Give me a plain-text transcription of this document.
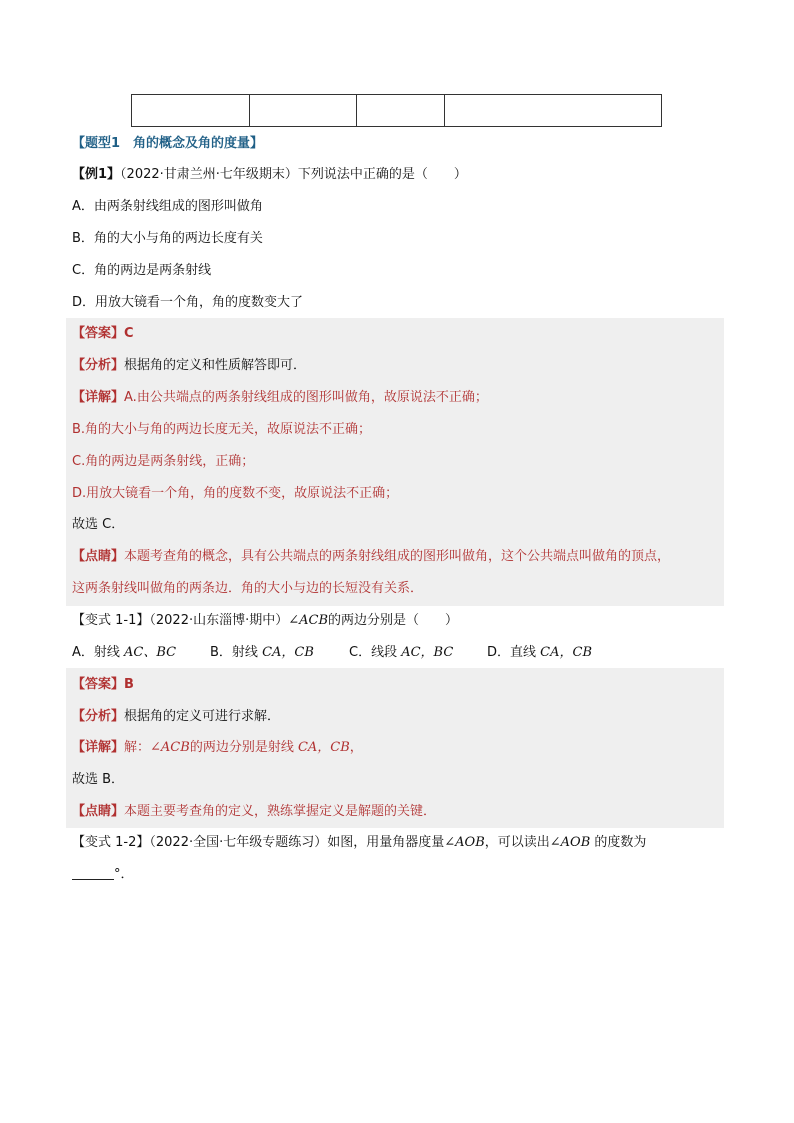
【题型1　角的概念及角的度量】
【例1】（2022·甘肃兰州·七年级期末）下列说法中正确的是（　　）
A．由两条射线组成的图形叫做角
B．角的大小与角的两边长度有关
C．角的两边是两条射线
D．用放大镜看一个角，角的度数变大了
【答案】C
【分析】根据角的定义和性质解答即可．
【详解】A.由公共端点的两条射线组成的图形叫做角，故原说法不正确；
B.角的大小与角的两边长度无关，故原说法不正确；
C.角的两边是两条射线，正确；
D.用放大镜看一个角，角的度数不变，故原说法不正确；
故选 C．
【点睛】本题考查角的概念，具有公共端点的两条射线组成的图形叫做角，这个公共端点叫做角的顶点，
这两条射线叫做角的两条边．角的大小与边的长短没有关系．
【变式 1-1】（2022·山东淄博·期中）∠ACB的两边分别是（　　）
A．射线 AC、BC	B．射线 CA，CB	C．线段 AC，BC	D．直线 CA，CB
【答案】B
【分析】根据角的定义可进行求解．
【详解】解：∠ACB的两边分别是射线 CA，CB，
故选 B．
【点睛】本题主要考查角的定义，熟练掌握定义是解题的关键．
【变式 1-2】（2022·全国·七年级专题练习）如图，用量角器度量∠AOB，可以读出∠AOB 的度数为
°．
